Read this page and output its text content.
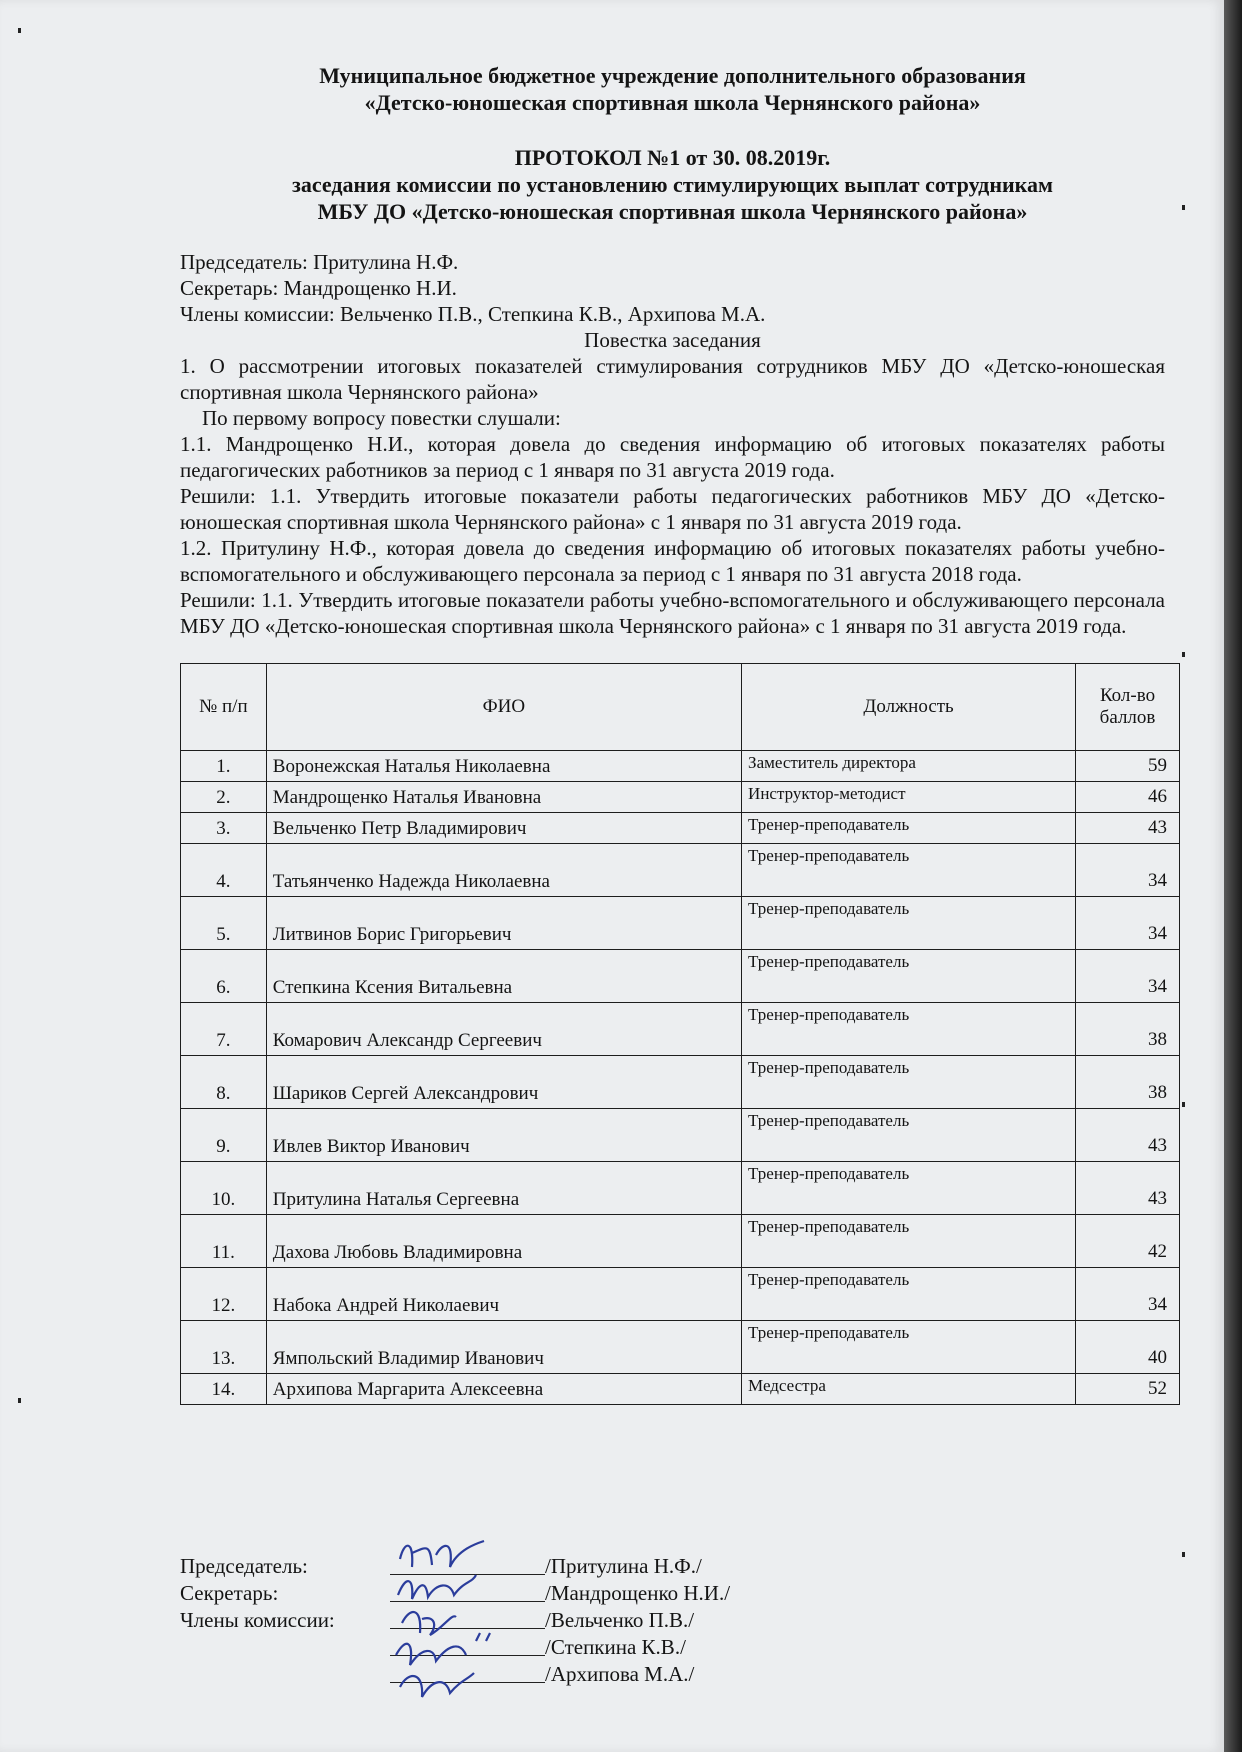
Муниципальное бюджетное учреждение дополнительного образования

«Детско-юношеская спортивная школа Чернянского района»

ПРОТОКОЛ №1 от 30. 08.2019г.

заседания комиссии по установлению стимулирующих выплат сотрудникам

МБУ ДО «Детско-юношеская спортивная школа Чернянского района»

Председатель: Притулина Н.Ф.

Секретарь: Мандрощенко Н.И.

Члены комиссии: Вельченко П.В., Степкина К.В., Архипова М.А.

Повестка заседания

1. О рассмотрении итоговых показателей стимулирования сотрудников МБУ ДО «Детско-юношеская спортивная школа Чернянского района»

По первому вопросу повестки слушали:

1.1. Мандрощенко Н.И., которая довела до сведения информацию об итоговых показателях работы педагогических работников за период с 1 января по 31 августа 2019 года.

Решили: 1.1. Утвердить итоговые показатели работы педагогических работников МБУ ДО «Детско-юношеская спортивная школа Чернянского района» с 1 января по 31 августа 2019 года.

1.2. Притулину Н.Ф., которая довела до сведения информацию об итоговых показателях работы учебно-вспомогательного и обслуживающего персонала за период с 1 января по 31 августа 2018 года.

Решили: 1.1. Утвердить итоговые показатели работы учебно-вспомогательного и обслуживающего персонала МБУ ДО «Детско-юношеская спортивная школа Чернянского района» с 1 января по 31 августа 2019 года.

№ п/п	ФИО	Должность	Кол-во баллов
1.	Воронежская Наталья Николаевна	Заместитель директора	59
2.	Мандрощенко Наталья Ивановна	Инструктор-методист	46
3.	Вельченко Петр Владимирович	Тренер-преподаватель	43
4.	Татьянченко Надежда Николаевна	Тренер-преподаватель	34
5.	Литвинов Борис Григорьевич	Тренер-преподаватель	34
6.	Степкина Ксения Витальевна	Тренер-преподаватель	34
7.	Комарович Александр Сергеевич	Тренер-преподаватель	38
8.	Шариков Сергей Александрович	Тренер-преподаватель	38
9.	Ивлев Виктор Иванович	Тренер-преподаватель	43
10.	Притулина Наталья Сергеевна	Тренер-преподаватель	43
11.	Дахова Любовь Владимировна	Тренер-преподаватель	42
12.	Набока Андрей Николаевич	Тренер-преподаватель	34
13.	Ямпольский Владимир Иванович	Тренер-преподаватель	40
14.	Архипова Маргарита Алексеевна	Медсестра	52
Председатель:	/Притулина Н.Ф./
Секретарь:	/Мандрощенко Н.И./
Члены комиссии:	/Вельченко П.В./
/Степкина К.В./
/Архипова М.А./
